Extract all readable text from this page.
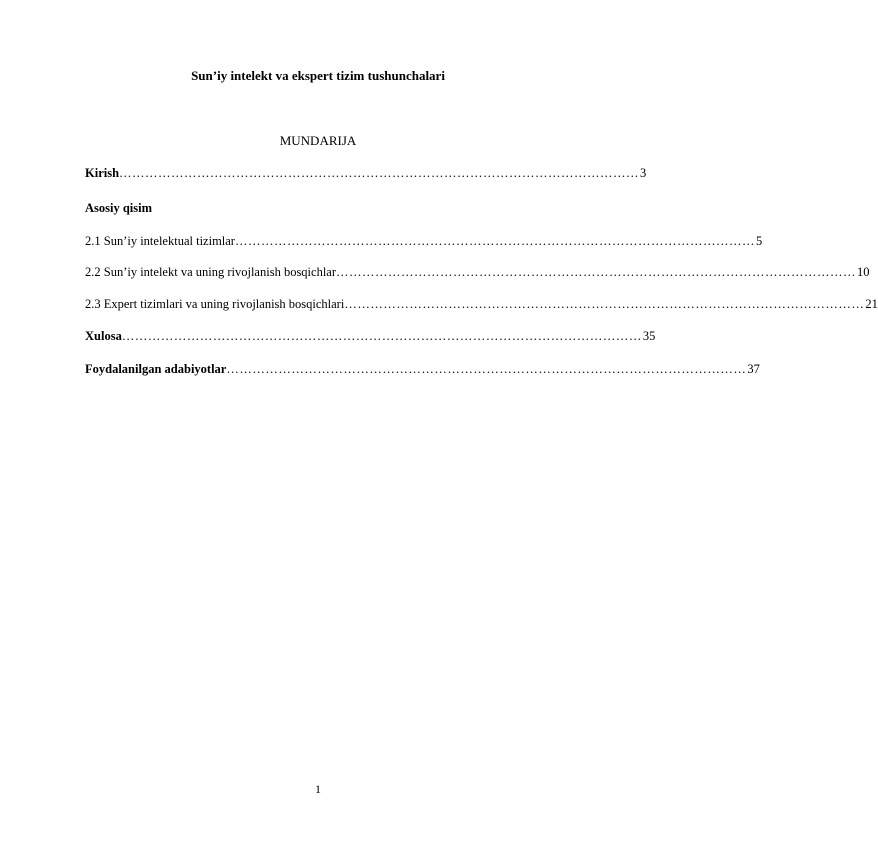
Sun’iy intelekt va ekspert tizim tushunchalari
MUNDARIJA
Kirish ………………………………………………………………………………………………………… 3
Asosiy qisim
2.1 Sun’iy intelektual tizimlar ………………………………………………………………………………………………………… 5
2.2 Sun’iy intelekt va uning rivojlanish bosqichlar ………………………………………………………………………………………………………… 10
2.3 Expert tizimlari va uning rivojlanish bosqichlari ………………………………………………………………………………………………………… 21
Xulosa ………………………………………………………………………………………………………… 35
Foydalanilgan adabiyotlar ………………………………………………………………………………………………………… 37
1
